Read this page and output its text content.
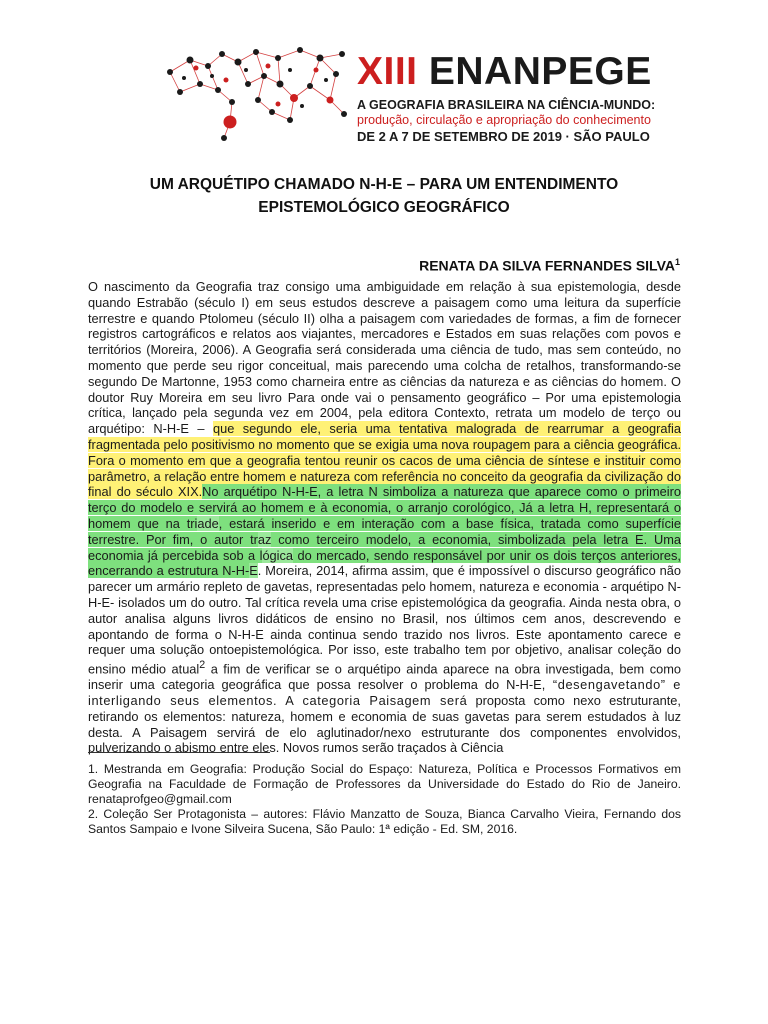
XIII ENANPEGE
A GEOGRAFIA BRASILEIRA NA CIÊNCIA-MUNDO:
produção, circulação e apropriação do conhecimento
DE 2 A 7 DE SETEMBRO DE 2019 · SÃO PAULO
UM ARQUÉTIPO CHAMADO N-H-E – PARA UM ENTENDIMENTO
EPISTEMOLÓGICO GEOGRÁFICO
RENATA DA SILVA FERNANDES SILVA$^1$
O nascimento da Geografia traz consigo uma ambiguidade em relação à sua epistemologia, desde quando Estrabão (século I) em seus estudos descreve a paisagem como uma leitura da superfície terrestre e quando Ptolomeu (século II) olha a paisagem com variedades de formas, a fim de fornecer registros cartográficos e relatos aos viajantes, mercadores e Estados em suas relações com povos e territórios (Moreira, 2006). A Geografia será considerada uma ciência de tudo, mas sem conteúdo, no momento que perde seu rigor conceitual, mais parecendo uma colcha de retalhos, transformando-se segundo De Martonne, 1953 como charneira entre as ciências da natureza e as ciências do homem. O doutor Ruy Moreira em seu livro Para onde vai o pensamento geográfico – Por uma epistemologia crítica, lançado pela segunda vez em 2004, pela editora Contexto, retrata um modelo de terço ou arquétipo: N-H-E – que segundo ele, seria uma tentativa malograda de rearrumar a geografia fragmentada pelo positivismo no momento que se exigia uma nova roupagem para a ciência geográfica. Fora o momento em que a geografia tentou reunir os cacos de uma ciência de síntese e instituir como parâmetro, a relação entre homem e natureza com referência no conceito da geografia da civilização do final do século XIX.No arquétipo N-H-E, a letra N simboliza a natureza que aparece como o primeiro terço do modelo e servirá ao homem e à economia, o arranjo corológico, Já a letra H, representará o homem que na triade, estará inserido e em interação com a base física, tratada como superfície terrestre. Por fim, o autor traz como terceiro modelo, a economia, simbolizada pela letra E. Uma economia já percebida sob a lógica do mercado, sendo responsável por unir os dois terços anteriores, encerrando a estrutura N-H-E. Moreira, 2014, afirma assim, que é impossível o discurso geográfico não parecer um armário repleto de gavetas, representadas pelo homem, natureza e economia - arquétipo N-H-E- isolados um do outro. Tal crítica revela uma crise epistemológica da geografia. Ainda nesta obra, o autor analisa alguns livros didáticos de ensino no Brasil, nos últimos cem anos, descrevendo e apontando de forma o N-H-E ainda continua sendo trazido nos livros. Este apontamento carece e requer uma solução ontoepistemológica. Por isso, este trabalho tem por objetivo, analisar coleção do ensino médio atual$^2$ a fim de verificar se o arquétipo ainda aparece na obra investigada, bem como inserir uma categoria geográfica que possa resolver o problema do N-H-E, “desengavetando” e interligando seus elementos. A categoria Paisagem será proposta como nexo estruturante, retirando os elementos: natureza, homem e economia de suas gavetas para serem estudados à luz desta. A Paisagem servirá de elo aglutinador/nexo estruturante dos componentes envolvidos, pulverizando o abismo entre eles. Novos rumos serão traçados à Ciência

1. Mestranda em Geografia: Produção Social do Espaço: Natureza, Política e Processos Formativos em Geografia na Faculdade de Formação de Professores da Universidade do Estado do Rio de Janeiro. renataprofgeo@gmail.com

2. Coleção Ser Protagonista – autores: Flávio Manzatto de Souza, Bianca Carvalho Vieira, Fernando dos Santos Sampaio e Ivone Silveira Sucena, São Paulo: 1ª edição - Ed. SM, 2016.
